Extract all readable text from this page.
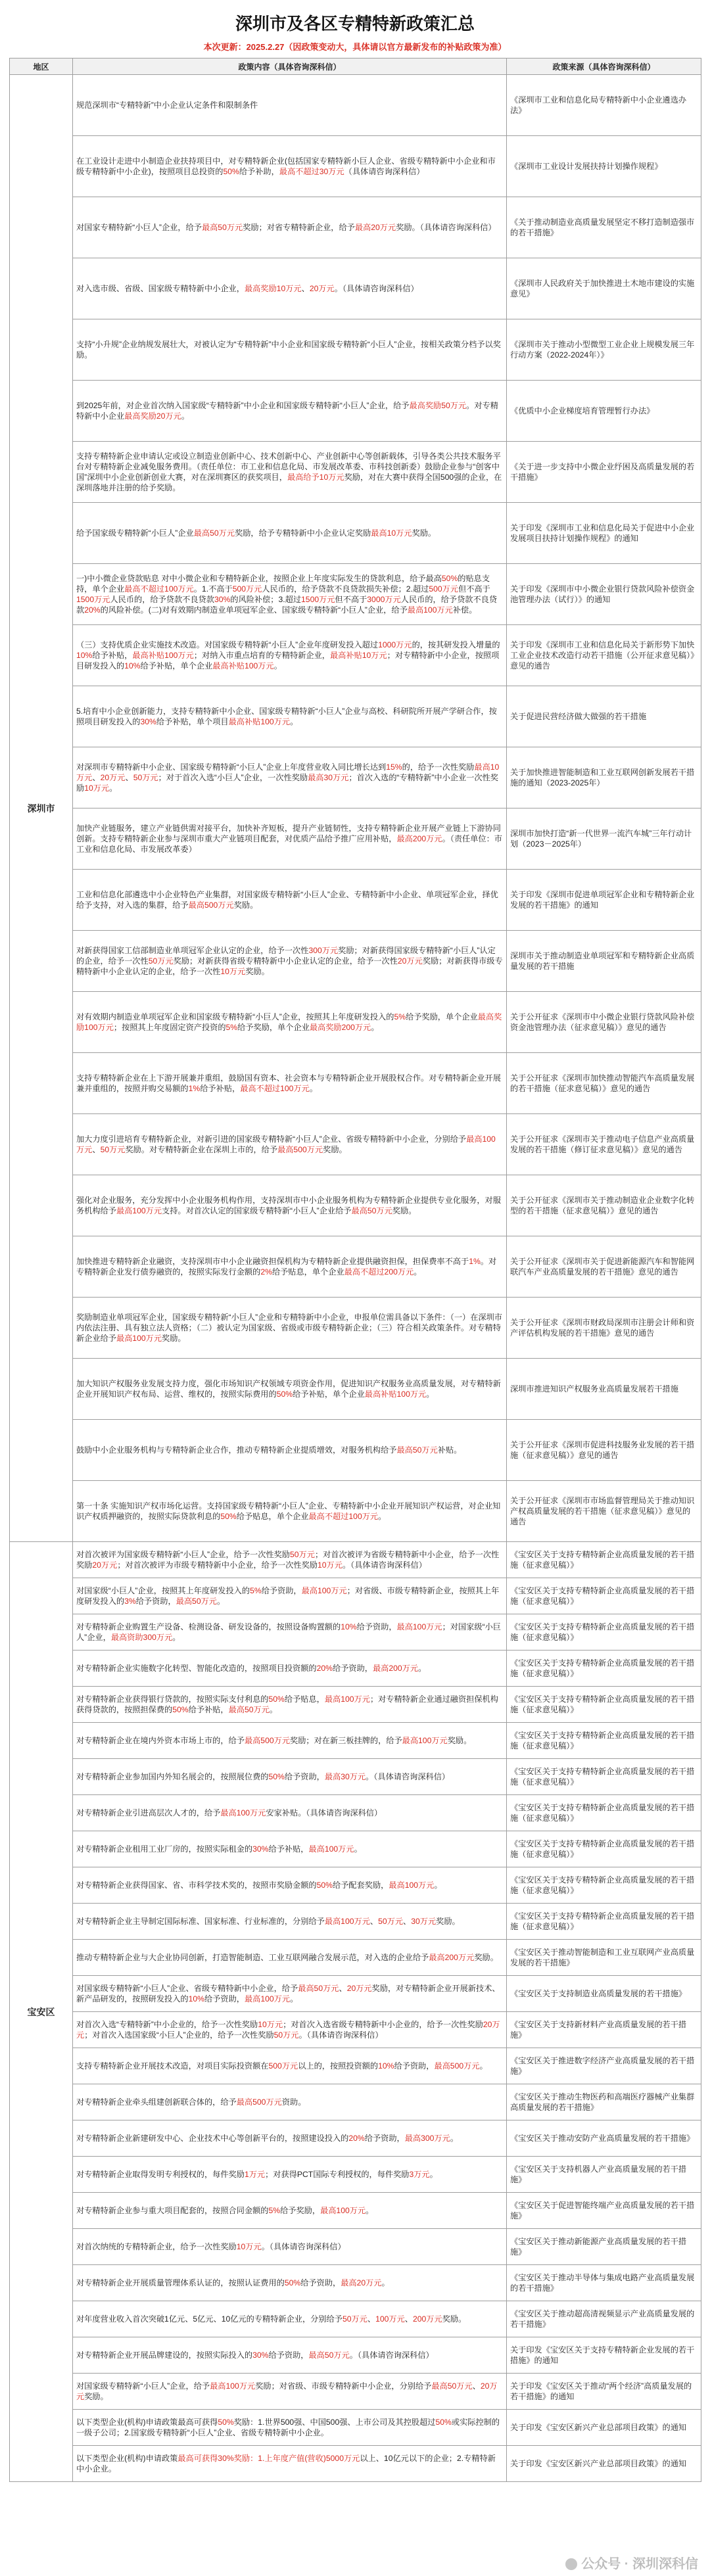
深圳市及各区专精特新政策汇总
本次更新：2025.2.27（因政策变动大，具体请以官方最新发布的补贴政策为准）
地区	政策内容（具体咨询深科信）	政策来源（具体咨询深科信）
深圳市	规范深圳市“专精特新”中小企业认定条件和限制条件	《深圳市工业和信息化局专精特新中小企业遴选办法》
	在工业设计走进中小制造企业扶持项目中，对专精特新企业(包括国家专精特新小巨人企业、省级专精特新中小企业和市级专精特新中小企业)，按照项目总投资的50%给予补助，最高不超过30万元（具体请咨询深科信）	《深圳市工业设计发展扶持计划操作规程》
	对国家专精特新“小巨人”企业，给予最高50万元奖励；对省专精特新企业，给予最高20万元奖励。（具体请咨询深科信）	《关于推动制造业高质量发展坚定不移打造制造强市的若干措施》
	对入选市级、省级、国家级专精特新中小企业，最高奖励10万元、20万元。（具体请咨询深科信）	《深圳市人民政府关于加快推进土木地市建设的实施意见》
	支持“小升规”企业纳规发展壮大，对被认定为“专精特新”中小企业和国家级专精特新“小巨人”企业，按相关政策分档予以奖励。	《深圳市关于推动小型微型工业企业上规模发展三年行动方案（2022-2024年）》
	到2025年前，对企业首次纳入国家级“专精特新”中小企业和国家级专精特新“小巨人”企业，给予最高奖励50万元。对专精特新中小企业最高奖励20万元。	《优质中小企业梯度培育管理暂行办法》
	支持专精特新企业申请认定或设立制造业创新中心、技术创新中心、产业创新中心等创新载体，引导各类公共技术服务平台对专精特新企业减免服务费用。（责任单位：市工业和信息化局、市发展改革委、市科技创新委）鼓励企业参与“创客中国”深圳中小企业创新创业大赛，对在深圳赛区的获奖项目，最高给予10万元奖励，对在大赛中获得全国500强的企业，在深圳落地并注册的给予奖励。	《关于进一步支持中小微企业纾困及高质量发展的若干措施》
	给予国家级专精特新“小巨人”企业最高50万元奖励，给予专精特新中小企业认定奖励最高10万元奖励。	关于印发《深圳市工业和信息化局关于促进中小企业发展项目扶持计划操作规程》的通知
	一)中小微企业贷款贴息 对中小微企业和专精特新企业，按照企业上年度实际发生的贷款利息，给予最高50%的贴息支持，单个企业最高不超过100万元。1.不高于500万元人民币的，给予贷款不良贷款损失补偿；2.超过500万元但不高于1500万元人民币的，给予贷款不良贷款30%的风险补偿；3.超过1500万元但不高于3000万元人民币的，给予贷款不良贷款20%的风险补偿。(二)对有效期内制造业单项冠军企业、国家级专精特新“小巨人”企业，给予最高100万元补偿。	关于印发《深圳市中小微企业银行贷款风险补偿资金池管理办法（试行）》的通知
	（三）支持优质企业实施技术改造。对国家级专精特新“小巨人”企业年度研发投入超过1000万元的，按其研发投入增量的10%给予补贴，最高补贴100万元；对纳入市重点培育的专精特新企业，最高补贴10万元；对专精特新中小企业，按照项目研发投入的10%给予补贴，单个企业最高补贴100万元。	关于印发《深圳市工业和信息化局关于新形势下加快工业企业技术改造行动若干措施（公开征求意见稿）》意见的通告
	5.培育中小企业创新能力，支持专精特新中小企业、国家级专精特新“小巨人”企业与高校、科研院所开展产学研合作，按照项目研发投入的30%给予补贴，单个项目最高补贴100万元。	关于促进民营经济做大做强的若干措施
	对深圳市专精特新中小企业、国家级专精特新“小巨人”企业上年度营业收入同比增长达到15%的，给予一次性奖励最高10万元、20万元、50万元；对于首次入选“小巨人”企业，一次性奖励最高30万元；首次入选的“专精特新”中小企业一次性奖励10万元。	关于加快推进智能制造和工业互联网创新发展若干措施的通知（2023-2025年）
	加快产业链服务，建立产业链供需对接平台，加快补齐短板，提升产业链韧性，支持专精特新企业开展产业链上下游协同创新。支持专精特新企业参与深圳市重大产业链项目配套，对优质产品给予推广应用补贴，最高200万元。（责任单位：市工业和信息化局、市发展改革委）	深圳市加快打造“新一代世界一流汽车城”三年行动计划（2023－2025年）
	工业和信息化部遴选中小企业特色产业集群，对国家级专精特新“小巨人”企业、专精特新中小企业、单项冠军企业，择优给予支持，对入选的集群，给予最高500万元奖励。	关于印发《深圳市促进单项冠军企业和专精特新企业发展的若干措施》的通知
	对新获得国家工信部制造业单项冠军企业认定的企业，给予一次性300万元奖励；对新获得国家级专精特新“小巨人”认定的企业，给予一次性50万元奖励；对新获得省级专精特新中小企业认定的企业，给予一次性20万元奖励；对新获得市级专精特新中小企业认定的企业，给予一次性10万元奖励。	深圳市关于推动制造业单项冠军和专精特新企业高质量发展的若干措施
	对有效期内制造业单项冠军企业和国家级专精特新“小巨人”企业，按照其上年度研发投入的5%给予奖励，单个企业最高奖励100万元；按照其上年度固定资产投资的5%给予奖励，单个企业最高奖励200万元。	关于公开征求《深圳市中小微企业银行贷款风险补偿资金池管理办法（征求意见稿）》意见的通告
	支持专精特新企业在上下游开展兼并重组，鼓励国有资本、社会资本与专精特新企业开展股权合作。对专精特新企业开展兼并重组的，按照并购交易额的1%给予补贴，最高不超过100万元。	关于公开征求《深圳市加快推动智能汽车高质量发展的若干措施（征求意见稿）》意见的通告
	加大力度引进培育专精特新企业，对新引进的国家级专精特新“小巨人”企业、省级专精特新中小企业，分别给予最高100万元、50万元奖励。对专精特新企业在深圳上市的，给予最高500万元奖励。	关于公开征求《深圳市关于推动电子信息产业高质量发展的若干措施（修订征求意见稿）》意见的通告
	强化对企业服务，充分发挥中小企业服务机构作用，支持深圳市中小企业服务机构为专精特新企业提供专业化服务，对服务机构给予最高100万元支持。对首次认定的国家级专精特新“小巨人”企业给予最高50万元奖励。	关于公开征求《深圳市关于推动制造业企业数字化转型的若干措施（征求意见稿）》意见的通告
	加快推进专精特新企业融资，支持深圳市中小企业融资担保机构为专精特新企业提供融资担保，担保费率不高于1%。对专精特新企业发行债券融资的，按照实际发行金额的2%给予贴息，单个企业最高不超过200万元。	关于公开征求《深圳市关于促进新能源汽车和智能网联汽车产业高质量发展的若干措施》意见的通告
	奖励制造业单项冠军企业，国家级专精特新“小巨人”企业和专精特新中小企业，申报单位需具备以下条件：（一）在深圳市内依法注册、具有独立法人资格；（二）被认定为国家级、省级或市级专精特新企业；（三）符合相关政策条件。对专精特新企业给予最高100万元奖励。	关于公开征求《深圳市财政局深圳市注册会计师和资产评估机构发展的若干措施》意见的通告
	加大知识产权服务业发展支持力度，强化市场知识产权领域专项资金作用，促进知识产权服务业高质量发展，对专精特新企业开展知识产权布局、运营、维权的，按照实际费用的50%给予补贴，单个企业最高补贴100万元。	深圳市推进知识产权服务业高质量发展若干措施
	鼓励中小企业服务机构与专精特新企业合作，推动专精特新企业提质增效，对服务机构给予最高50万元补贴。	关于公开征求《深圳市促进科技服务业发展的若干措施（征求意见稿）》意见的通告
	第一十条 实施知识产权市场化运营。支持国家级专精特新“小巨人”企业、专精特新中小企业开展知识产权运营，对企业知识产权质押融资的，按照实际贷款利息的50%给予贴息，单个企业最高不超过100万元。	关于公开征求《深圳市市场监督管理局关于推动知识产权高质量发展的若干措施（征求意见稿）》意见的通告
宝安区	对首次被评为国家级专精特新“小巨人”企业，给予一次性奖励50万元；对首次被评为省级专精特新中小企业，给予一次性奖励20万元；对首次被评为市级专精特新中小企业，给予一次性奖励10万元。（具体请咨询深科信）	《宝安区关于支持专精特新企业高质量发展的若干措施（征求意见稿）》
	对国家级“小巨人”企业，按照其上年度研发投入的5%给予资助，最高100万元；对省级、市级专精特新企业，按照其上年度研发投入的3%给予资助，最高50万元。	《宝安区关于支持专精特新企业高质量发展的若干措施（征求意见稿）》
	对专精特新企业购置生产设备、检测设备、研发设备的，按照设备购置额的10%给予资助，最高100万元；对国家级“小巨人”企业，最高资助300万元。	《宝安区关于支持专精特新企业高质量发展的若干措施（征求意见稿）》
	对专精特新企业实施数字化转型、智能化改造的，按照项目投资额的20%给予资助，最高200万元。	《宝安区关于支持专精特新企业高质量发展的若干措施（征求意见稿）》
	对专精特新企业获得银行贷款的，按照实际支付利息的50%给予贴息，最高100万元；对专精特新企业通过融资担保机构获得贷款的，按照担保费的50%给予补贴，最高50万元。	《宝安区关于支持专精特新企业高质量发展的若干措施（征求意见稿）》
	对专精特新企业在境内外资本市场上市的，给予最高500万元奖励；对在新三板挂牌的，给予最高100万元奖励。	《宝安区关于支持专精特新企业高质量发展的若干措施（征求意见稿）》
	对专精特新企业参加国内外知名展会的，按照展位费的50%给予资助，最高30万元。（具体请咨询深科信）	《宝安区关于支持专精特新企业高质量发展的若干措施（征求意见稿）》
	对专精特新企业引进高层次人才的，给予最高100万元安家补贴。（具体请咨询深科信）	《宝安区关于支持专精特新企业高质量发展的若干措施（征求意见稿）》
	对专精特新企业租用工业厂房的，按照实际租金的30%给予补贴，最高100万元。	《宝安区关于支持专精特新企业高质量发展的若干措施（征求意见稿）》
	对专精特新企业获得国家、省、市科学技术奖的，按照市奖励金额的50%给予配套奖励，最高100万元。	《宝安区关于支持专精特新企业高质量发展的若干措施（征求意见稿）》
	对专精特新企业主导制定国际标准、国家标准、行业标准的，分别给予最高100万元、50万元、30万元奖励。	《宝安区关于支持专精特新企业高质量发展的若干措施（征求意见稿）》
	推动专精特新企业与大企业协同创新，打造智能制造、工业互联网融合发展示范，对入选的企业给予最高200万元奖励。	《宝安区关于推动智能制造和工业互联网产业高质量发展的若干措施》
	对国家级专精特新“小巨人”企业、省级专精特新中小企业，给予最高50万元、20万元奖励，对专精特新企业开展新技术、新产品研发的，按照研发投入的10%给予资助，最高100万元。	《宝安区关于支持制造业高质量发展的若干措施》
	对首次入选“专精特新”中小企业的，给予一次性奖励10万元；对首次入选省级专精特新中小企业的，给予一次性奖励20万元；对首次入选国家级“小巨人”企业的，给予一次性奖励50万元。（具体请咨询深科信）	《宝安区关于支持新材料产业高质量发展的若干措施》
	支持专精特新企业开展技术改造，对项目实际投资额在500万元以上的，按照投资额的10%给予资助，最高500万元。	《宝安区关于推进数字经济产业高质量发展的若干措施》
	对专精特新企业牵头组建创新联合体的，给予最高500万元资助。	《宝安区关于推动生物医药和高端医疗器械产业集群高质量发展的若干措施》
	对专精特新企业新建研发中心、企业技术中心等创新平台的，按照建设投入的20%给予资助，最高300万元。	《宝安区关于推动安防产业高质量发展的若干措施》
	对专精特新企业取得发明专利授权的，每件奖励1万元；对获得PCT国际专利授权的，每件奖励3万元。	《宝安区关于支持机器人产业高质量发展的若干措施》
	对专精特新企业参与重大项目配套的，按照合同金额的5%给予奖励，最高100万元。	《宝安区关于促进智能终端产业高质量发展的若干措施》
	对首次纳统的专精特新企业，给予一次性奖励10万元。（具体请咨询深科信）	《宝安区关于推动新能源产业高质量发展的若干措施》
	对专精特新企业开展质量管理体系认证的，按照认证费用的50%给予资助，最高20万元。	《宝安区关于推动半导体与集成电路产业高质量发展的若干措施》
	对年度营业收入首次突破1亿元、5亿元、10亿元的专精特新企业，分别给予50万元、100万元、200万元奖励。	《宝安区关于推动超高清视频显示产业高质量发展的若干措施》
	对专精特新企业开展品牌建设的，按照实际投入的30%给予资助，最高50万元。（具体请咨询深科信）	关于印发《宝安区关于支持专精特新企业发展的若干措施》的通知
	对国家级专精特新“小巨人”企业，给予最高100万元奖励；对省级、市级专精特新中小企业，分别给予最高50万元、20万元奖励。	关于印发《宝安区关于推动“两个经济”高质量发展的若干措施》的通知
	以下类型企业(机构)申请政策最高可获得50%奖励：1.世界500强、中国500强、上市公司及其控股超过50%或实际控制的一级子公司；2.国家级专精特新“小巨人”企业、省级专精特新中小企业。	关于印发《宝安区新兴产业总部项目政策》的通知
	以下类型企业(机构)申请政策最高可获得30%奖励：1.上年度产值(营收)5000万元以上、10亿元以下的企业；2.专精特新中小企业。	关于印发《宝安区新兴产业总部项目政策》的通知
公众号 · 深圳深科信
